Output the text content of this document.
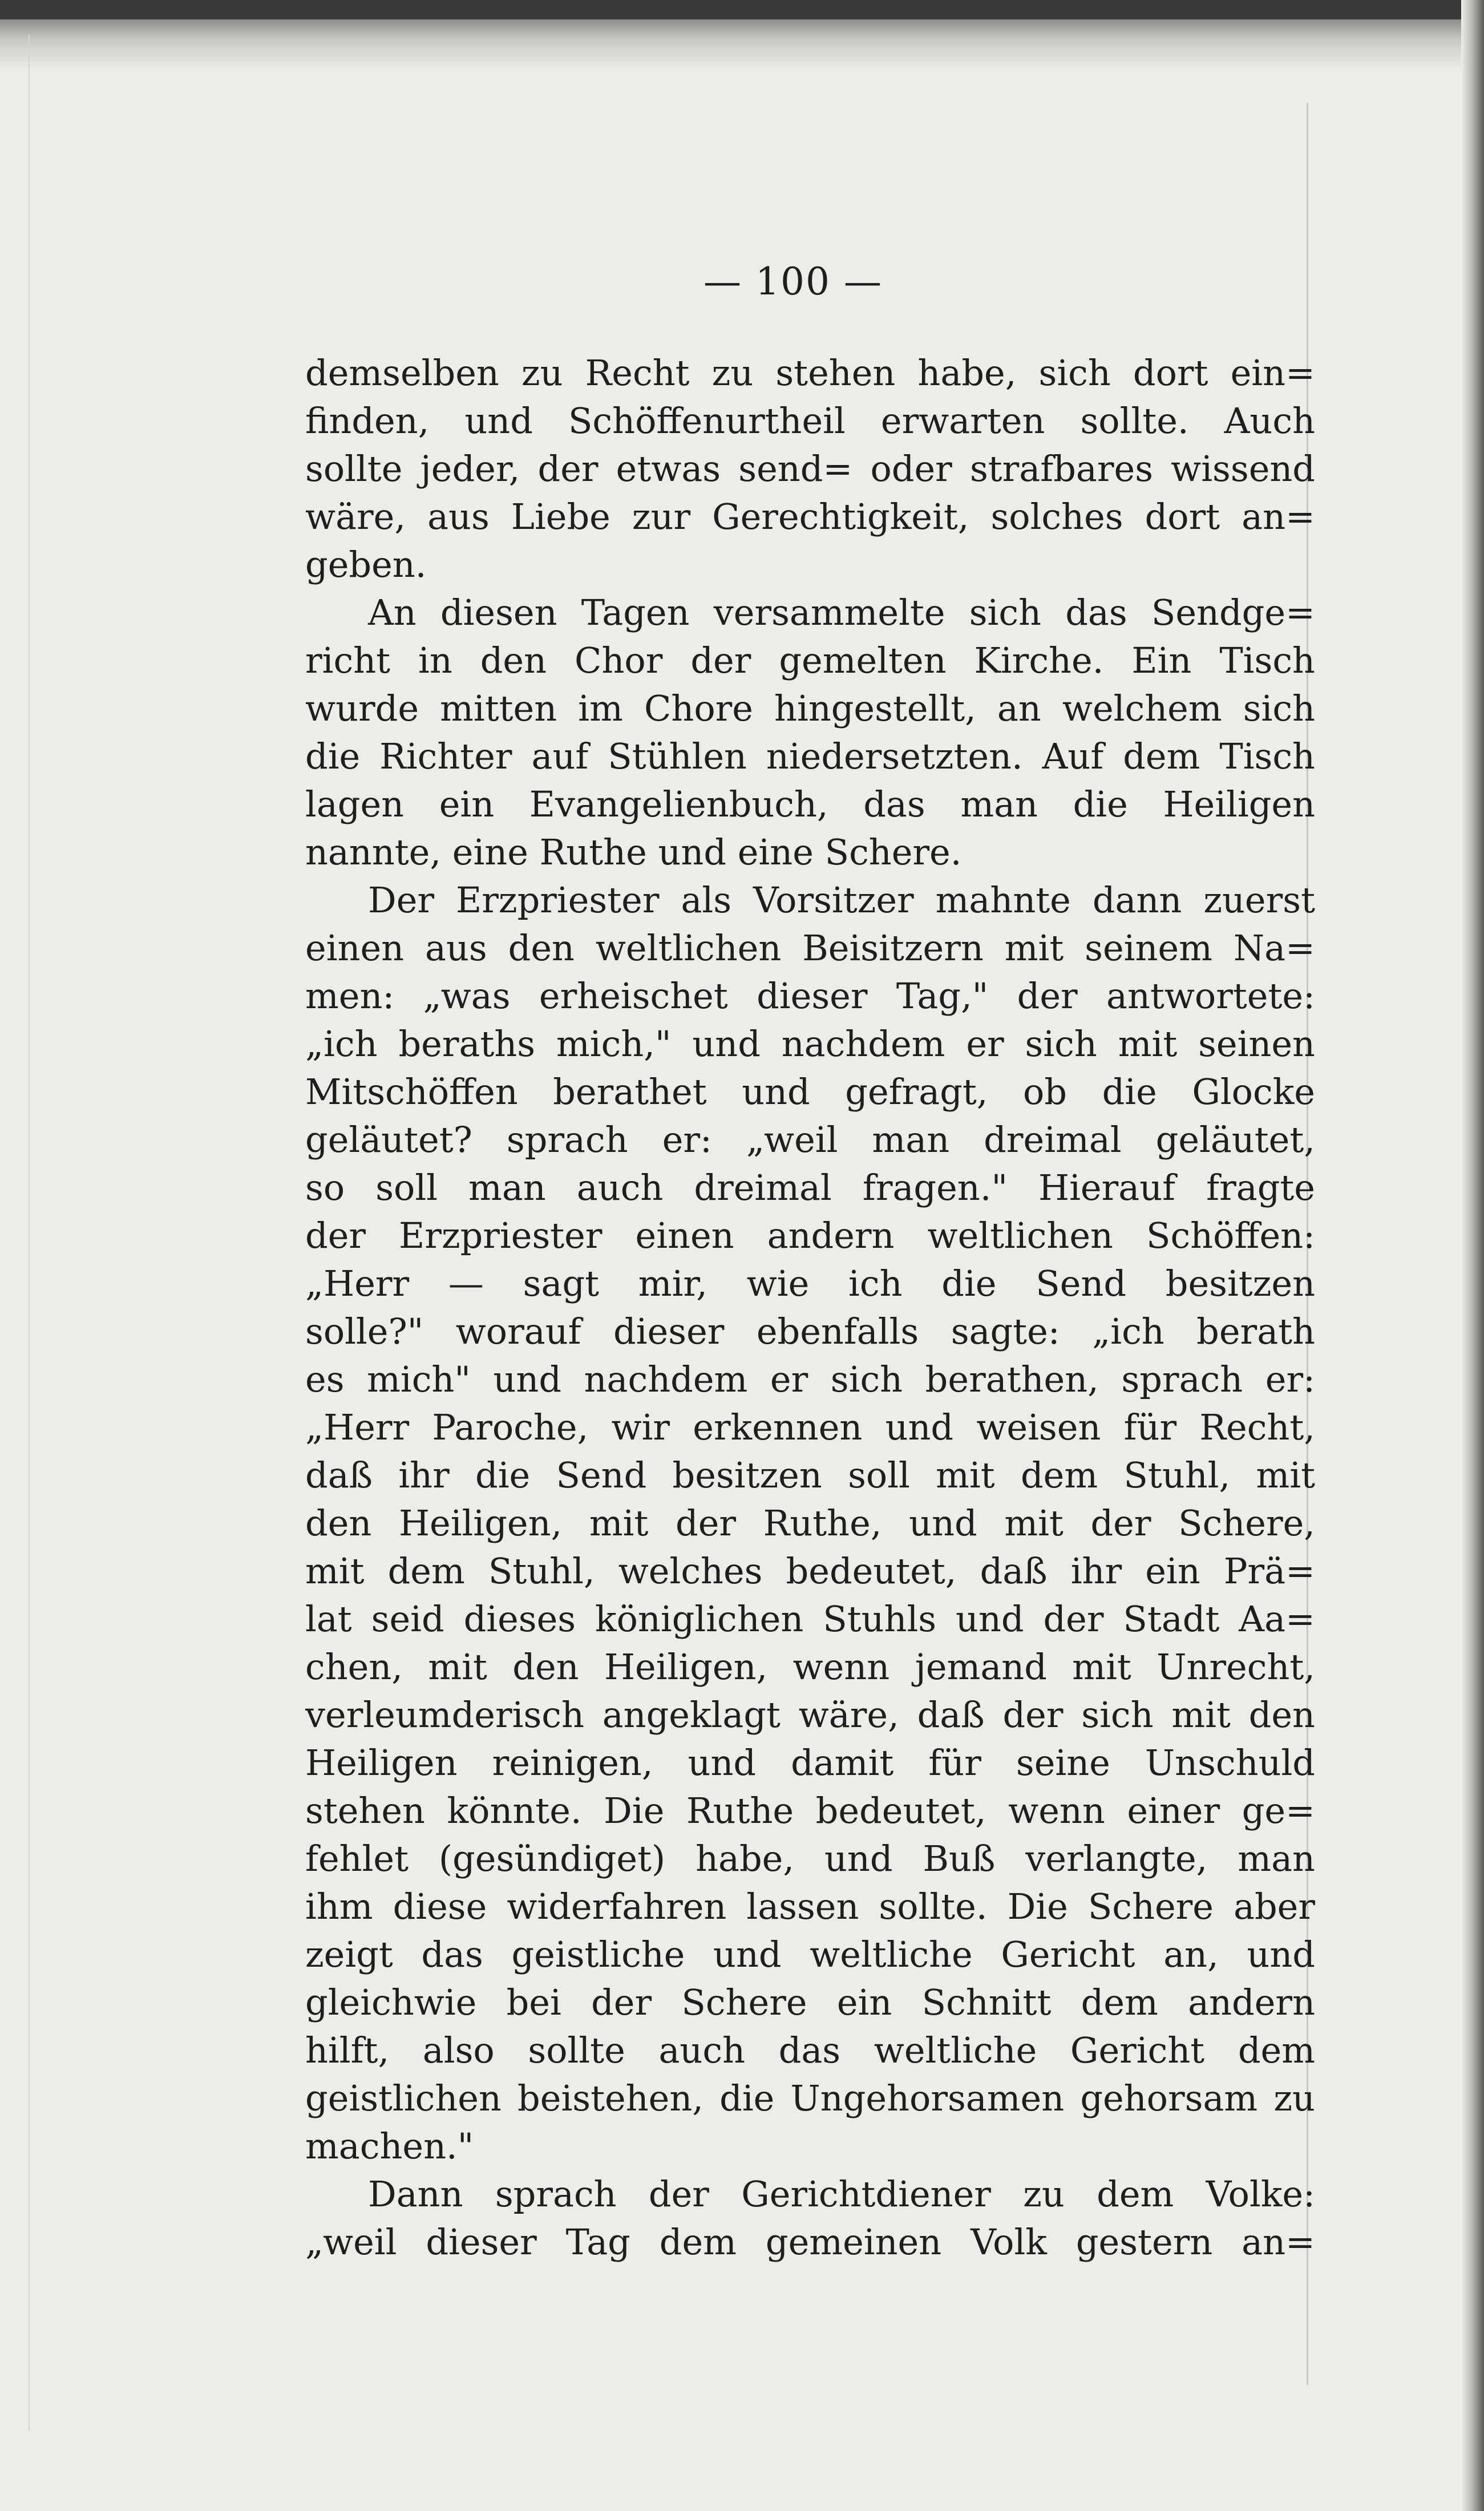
— 100 —
demselben zu Recht zu stehen habe, sich dort ein=
finden, und Schöffenurtheil erwarten sollte. Auch
sollte jeder, der etwas send= oder strafbares wissend
wäre, aus Liebe zur Gerechtigkeit, solches dort an=
geben.
An diesen Tagen versammelte sich das Sendge=
richt in den Chor der gemelten Kirche. Ein Tisch
wurde mitten im Chore hingestellt, an welchem sich
die Richter auf Stühlen niedersetzten. Auf dem Tisch
lagen ein Evangelienbuch, das man die Heiligen
nannte, eine Ruthe und eine Schere.
Der Erzpriester als Vorsitzer mahnte dann zuerst
einen aus den weltlichen Beisitzern mit seinem Na=
men: „was erheischet dieser Tag," der antwortete:
„ich beraths mich," und nachdem er sich mit seinen
Mitschöffen berathet und gefragt, ob die Glocke
geläutet? sprach er: „weil man dreimal geläutet,
so soll man auch dreimal fragen." Hierauf fragte
der Erzpriester einen andern weltlichen Schöffen:
„Herr — sagt mir, wie ich die Send besitzen
solle?" worauf dieser ebenfalls sagte: „ich berath
es mich" und nachdem er sich berathen, sprach er:
„Herr Paroche, wir erkennen und weisen für Recht,
daß ihr die Send besitzen soll mit dem Stuhl, mit
den Heiligen, mit der Ruthe, und mit der Schere,
mit dem Stuhl, welches bedeutet, daß ihr ein Prä=
lat seid dieses königlichen Stuhls und der Stadt Aa=
chen, mit den Heiligen, wenn jemand mit Unrecht,
verleumderisch angeklagt wäre, daß der sich mit den
Heiligen reinigen, und damit für seine Unschuld
stehen könnte. Die Ruthe bedeutet, wenn einer ge=
fehlet (gesündiget) habe, und Buß verlangte, man
ihm diese widerfahren lassen sollte. Die Schere aber
zeigt das geistliche und weltliche Gericht an, und
gleichwie bei der Schere ein Schnitt dem andern
hilft, also sollte auch das weltliche Gericht dem
geistlichen beistehen, die Ungehorsamen gehorsam zu
machen."
Dann sprach der Gerichtdiener zu dem Volke:
„weil dieser Tag dem gemeinen Volk gestern an=
